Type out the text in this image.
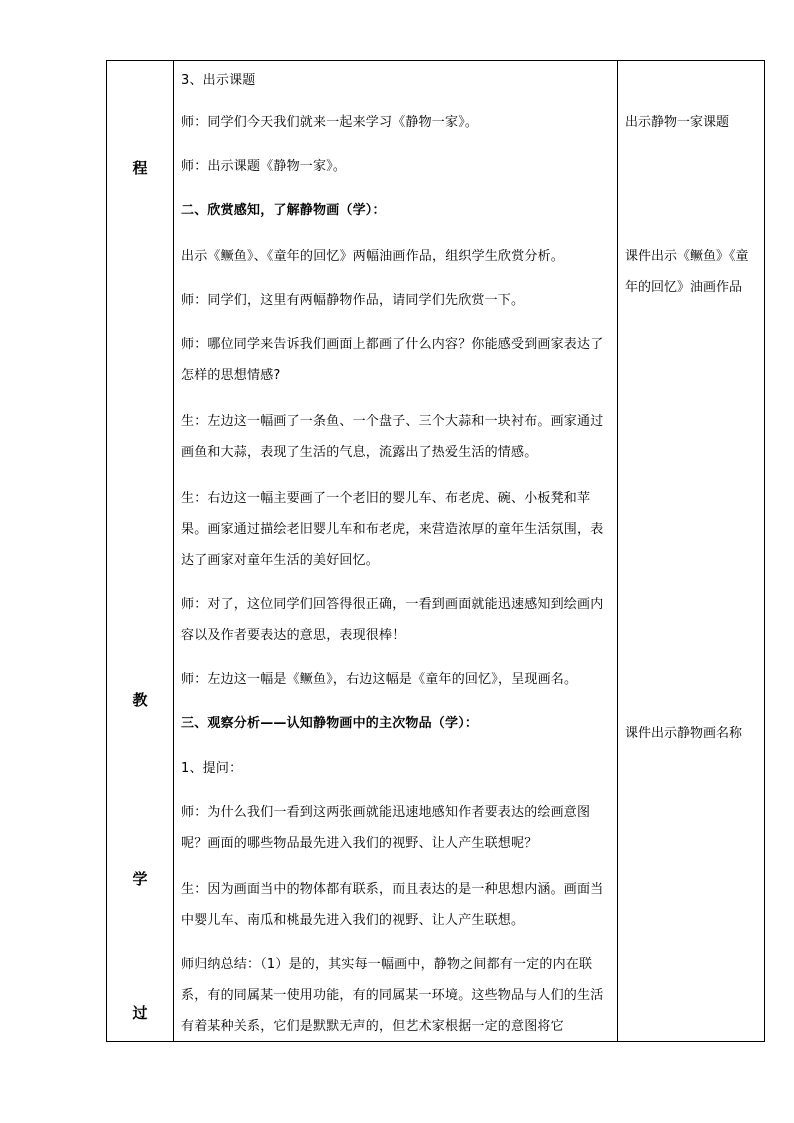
程
教
学
过
3、出示课题
师：同学们今天我们就来一起来学习《静物一家》。
师：出示课题《静物一家》。
二、欣赏感知，了解静物画（学）：
出示《鳜鱼》、《童年的回忆》两幅油画作品，组织学生欣赏分析。
师：同学们，这里有两幅静物作品，请同学们先欣赏一下。
师：哪位同学来告诉我们画面上都画了什么内容？你能感受到画家表达了怎样的思想情感?
生：左边这一幅画了一条鱼、一个盘子、三个大蒜和一块衬布。画家通过画鱼和大蒜，表现了生活的气息，流露出了热爱生活的情感。
生：右边这一幅主要画了一个老旧的婴儿车、布老虎、碗、小板凳和苹果。画家通过描绘老旧婴儿车和布老虎，来营造浓厚的童年生活氛围，表达了画家对童年生活的美好回忆。
师：对了，这位同学们回答得很正确，一看到画面就能迅速感知到绘画内容以及作者要表达的意思，表现很棒！
师：左边这一幅是《鳜鱼》，右边这幅是《童年的回忆》，呈现画名。
三、观察分析——认知静物画中的主次物品（学）：
1、提问：
师：为什么我们一看到这两张画就能迅速地感知作者要表达的绘画意图呢？画面的哪些物品最先进入我们的视野、让人产生联想呢？
生：因为画面当中的物体都有联系，而且表达的是一种思想内涵。画面当中婴儿车、南瓜和桃最先进入我们的视野、让人产生联想。
师归纳总结：（1）是的，其实每一幅画中，静物之间都有一定的内在联系，有的同属某一使用功能，有的同属某一环境。这些物品与人们的生活有着某种关系，它们是默默无声的，但艺术家根据一定的意图将它
出示静物一家课题
课件出示《鳜鱼》《童年的回忆》油画作品
课件出示静物画名称
